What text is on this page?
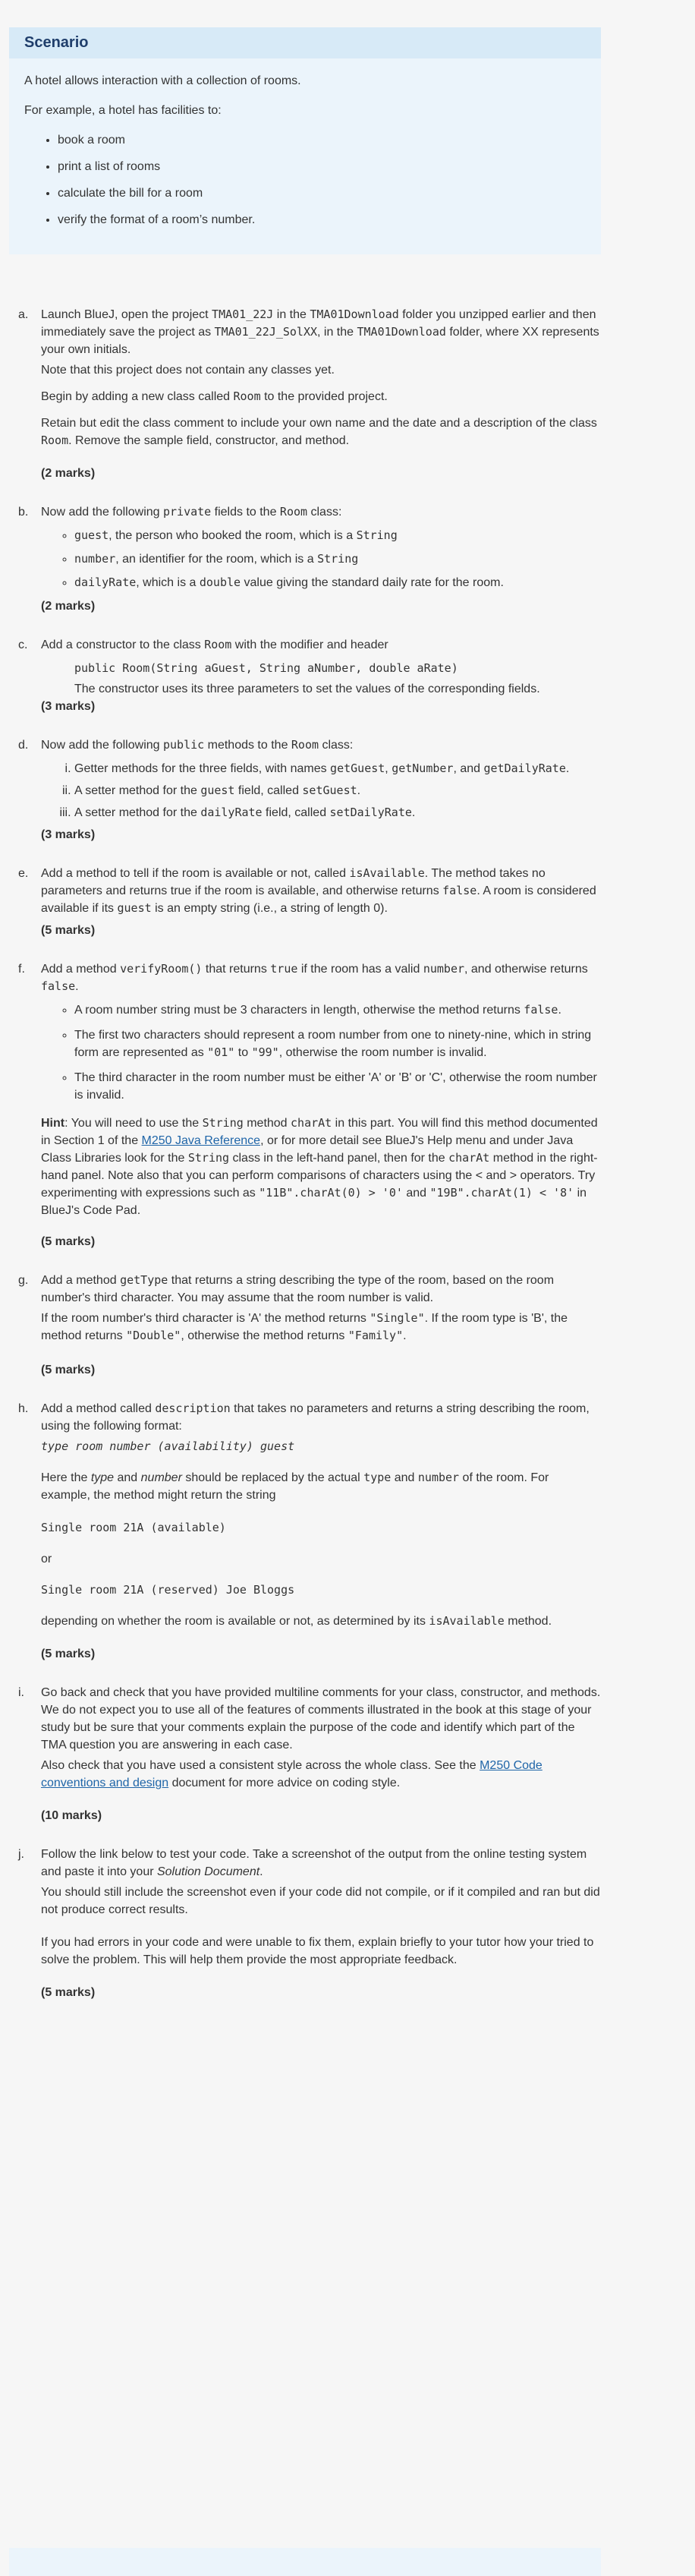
Scenario

A hotel allows interaction with a collection of rooms.

For example, a hotel has facilities to:

• book a room
• print a list of rooms
• calculate the bill for a room
• verify the format of a room’s number.
a. Launch BlueJ, open the project TMA01_22J in the TMA01Download folder you unzipped earlier and then immediately save the project as TMA01_22J_SolXX, in the TMA01Download folder, where XX represents your own initials.

Note that this project does not contain any classes yet.

Begin by adding a new class called Room to the provided project.

Retain but edit the class comment to include your own name and the date and a description of the class Room. Remove the sample field, constructor, and method.

(2 marks)

b. Now add the following private fields to the Room class:

◦ guest, the person who booked the room, which is a String
◦ number, an identifier for the room, which is a String
◦ dailyRate, which is a double value giving the standard daily rate for the room.

(2 marks)

c. Add a constructor to the class Room with the modifier and header

public Room(String aGuest, String aNumber, double aRate)
The constructor uses its three parameters to set the values of the corresponding fields.

(3 marks)

d. Now add the following public methods to the Room class:

i. Getter methods for the three fields, with names getGuest, getNumber, and getDailyRate.
ii. A setter method for the guest field, called setGuest.
iii. A setter method for the dailyRate field, called setDailyRate.

(3 marks)

e. Add a method to tell if the room is available or not, called isAvailable. The method takes no parameters and returns true if the room is available, and otherwise returns false. A room is considered available if its guest is an empty string (i.e., a string of length 0).

(5 marks)

f. Add a method verifyRoom() that returns true if the room has a valid number, and otherwise returns false.

◦ A room number string must be 3 characters in length, otherwise the method returns false.
◦ The first two characters should represent a room number from one to ninety-nine, which in string form are represented as "01" to "99", otherwise the room number is invalid.
◦ The third character in the room number must be either 'A' or 'B' or 'C', otherwise the room number is invalid.

Hint: You will need to use the String method charAt in this part. You will find this method documented in Section 1 of the M250 Java Reference, or for more detail see BlueJ's Help menu and under Java Class Libraries look for the String class in the left-hand panel, then for the charAt method in the right-hand panel. Note also that you can perform comparisons of characters using the < and > operators. Try experimenting with expressions such as "11B".charAt(0) > '0' and "19B".charAt(1) < '8' in BlueJ's Code Pad.

(5 marks)

g. Add a method getType that returns a string describing the type of the room, based on the room number's third character. You may assume that the room number is valid.

If the room number's third character is 'A' the method returns "Single". If the room type is 'B', the method returns "Double", otherwise the method returns "Family".

(5 marks)

h. Add a method called description that takes no parameters and returns a string describing the room, using the following format:

type room number (availability) guest

Here the type and number should be replaced by the actual type and number of the room. For example, the method might return the string

Single room 21A (available)

or

Single room 21A (reserved) Joe Bloggs

depending on whether the room is available or not, as determined by its isAvailable method.

(5 marks)

i. Go back and check that you have provided multiline comments for your class, constructor, and methods. We do not expect you to use all of the features of comments illustrated in the book at this stage of your study but be sure that your comments explain the purpose of the code and identify which part of the TMA question you are answering in each case.

Also check that you have used a consistent style across the whole class. See the M250 Code conventions and design document for more advice on coding style.

(10 marks)

j. Follow the link below to test your code. Take a screenshot of the output from the online testing system and paste it into your Solution Document.

You should still include the screenshot even if your code did not compile, or if it compiled and ran but did not produce correct results.

If you had errors in your code and were unable to fix them, explain briefly to your tutor how your tried to solve the problem. This will help them provide the most appropriate feedback.

(5 marks)
